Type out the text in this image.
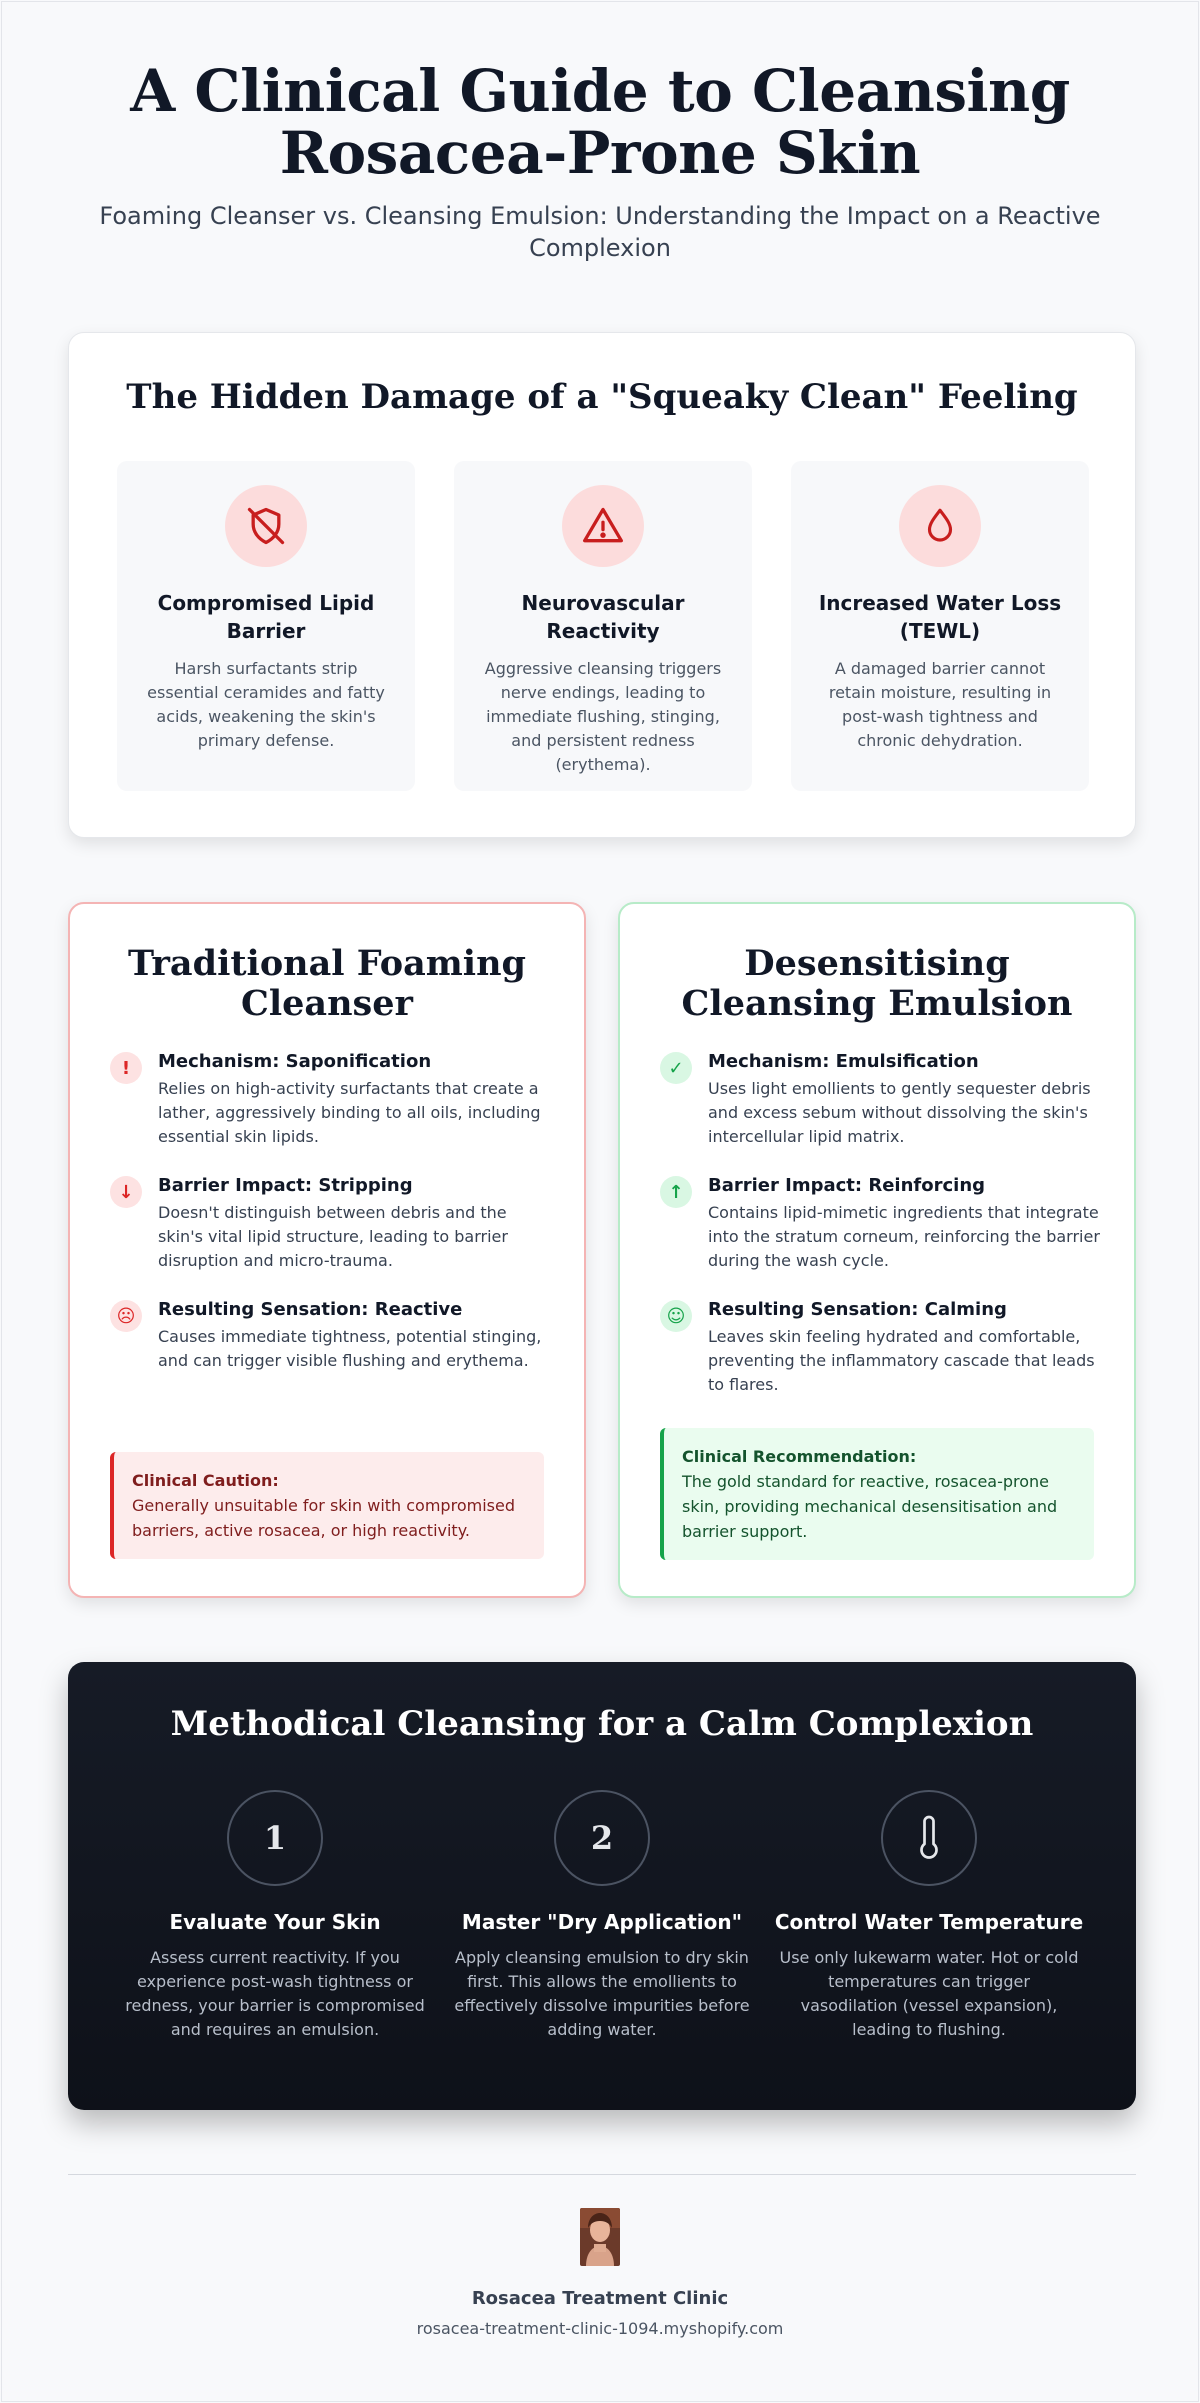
A Clinical Guide to Cleansing
Rosacea-Prone Skin

Foaming Cleanser vs. Cleansing Emulsion: Understanding the Impact on a Reactive Complexion

The Hidden Damage of a "Squeaky Clean" Feeling
Compromised Lipid Barrier

Harsh surfactants strip essential ceramides and fatty acids, weakening the skin's primary defense.

Neurovascular Reactivity

Aggressive cleansing triggers nerve endings, leading to immediate flushing, stinging, and persistent redness (erythema).

Increased Water Loss (TEWL)

A damaged barrier cannot retain moisture, resulting in post-wash tightness and chronic dehydration.

Traditional Foaming
Cleanser
!	Mechanism: Saponification

Relies on high-activity surfactants that create a lather, aggressively binding to all oils, including essential skin lipids.

↓	Barrier Impact: Stripping

Doesn't distinguish between debris and the skin's vital lipid structure, leading to barrier disruption and micro-trauma.

☹	Resulting Sensation: Reactive

Causes immediate tightness, potential stinging, and can trigger visible flushing and erythema.

Clinical Caution:
Generally unsuitable for skin with compromised barriers, active rosacea, or high reactivity.
Desensitising
Cleansing Emulsion
✓	Mechanism: Emulsification

Uses light emollients to gently sequester debris and excess sebum without dissolving the skin's intercellular lipid matrix.

↑	Barrier Impact: Reinforcing

Contains lipid-mimetic ingredients that integrate into the stratum corneum, reinforcing the barrier during the wash cycle.

☺	Resulting Sensation: Calming

Leaves skin feeling hydrated and comfortable, preventing the inflammatory cascade that leads to flares.

Clinical Recommendation:
The gold standard for reactive, rosacea-prone skin, providing mechanical desensitisation and barrier support.
Methodical Cleansing for a Calm Complexion
1
Evaluate Your Skin

Assess current reactivity. If you experience post-wash tightness or redness, your barrier is compromised and requires an emulsion.

2
Master "Dry Application"

Apply cleansing emulsion to dry skin first. This allows the emollients to effectively dissolve impurities before adding water.

Control Water Temperature

Use only lukewarm water. Hot or cold temperatures can trigger vasodilation (vessel expansion), leading to flushing.

Rosacea Treatment Clinic
rosacea-treatment-clinic-1094.myshopify.com
